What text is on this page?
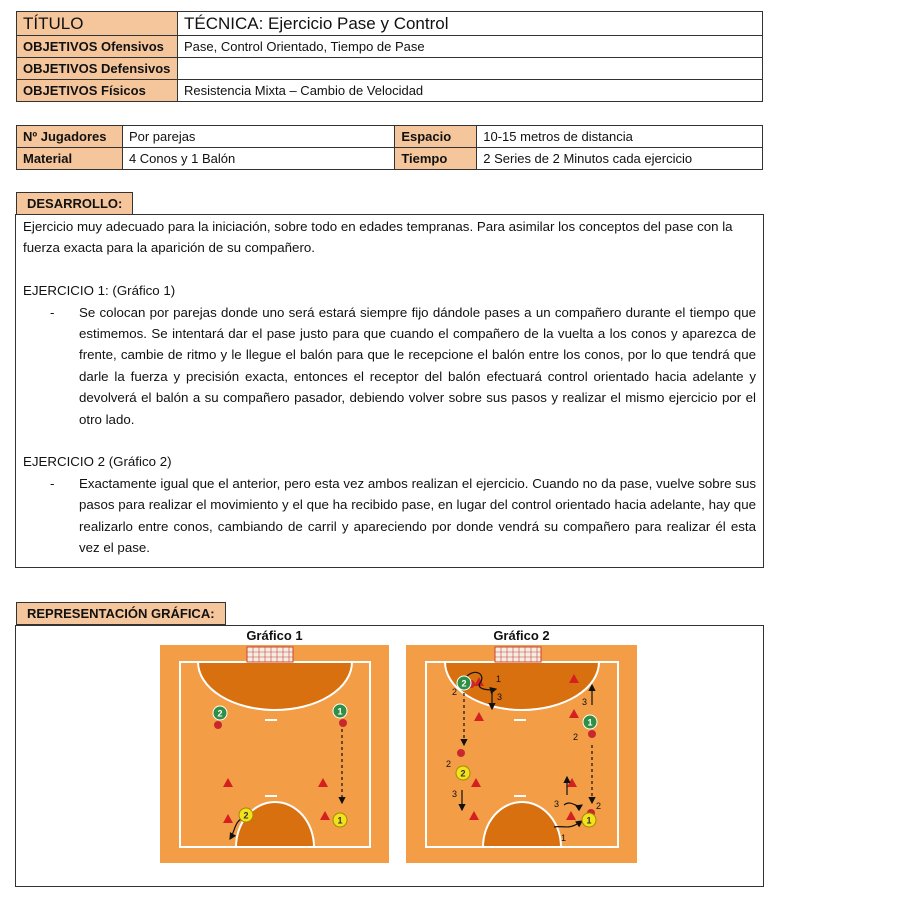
TÍTULO	TÉCNICA: Ejercicio Pase y Control
OBJETIVOS Ofensivos	Pase, Control Orientado, Tiempo de Pase
OBJETIVOS Defensivos	
OBJETIVOS Físicos	Resistencia Mixta – Cambio de Velocidad
Nº Jugadores	Por parejas	Espacio	10-15 metros de distancia
Material	4 Conos y 1 Balón	Tiempo	2 Series de 2 Minutos cada ejercicio
DESARROLLO:

Ejercicio muy adecuado para la iniciación, sobre todo en edades tempranas. Para asimilar los conceptos del pase con la fuerza exacta para la aparición de su compañero.

EJERCICIO 1: (Gráfico 1)

- Se colocan por parejas donde uno será estará siempre fijo dándole pases a un compañero durante el tiempo que estimemos. Se intentará dar el pase justo para que cuando el compañero de la vuelta a los conos y aparezca de frente, cambie de ritmo y le llegue el balón para que le recepcione el balón entre los conos, por lo que tendrá que darle la fuerza y precisión exacta, entonces el receptor del balón efectuará control orientado hacia adelante y devolverá el balón a su compañero pasador, debiendo volver sobre sus pasos y realizar el mismo ejercicio por el otro lado.

EJERCICIO 2 (Gráfico 2)

- Exactamente igual que el anterior, pero esta vez ambos realizan el ejercicio. Cuando no da pase, vuelve sobre sus pasos para realizar el movimiento y el que ha recibido pase, en lugar del control orientado hacia adelante, hay que realizarlo entre conos, cambiando de carril y apareciendo por donde vendrá su compañero para realizar él esta vez el pase.
REPRESENTACIÓN GRÁFICA:
Gráfico 1	Gráfico 2
2	1
2	1
2
1
2
1
2
1
3
2
3
3
2
3	2
1
